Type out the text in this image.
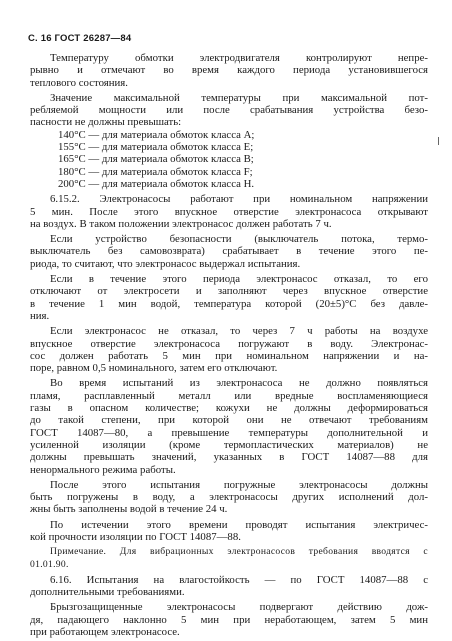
С. 16 ГОСТ 26287—84
Температуру обмотки электродвигателя контролируют непре-
рывно и отмечают во время каждого периода установившегося
теплового состояния.
Значение максимальной температуры при максимальной пот-
ребляемой мощности или после срабатывания устройства безо-
пасности не должны превышать:
140°С — для материала обмоток класса А;
155°С — для материала обмоток класса Е;
165°С — для материала обмоток класса В;
180°С — для материала обмоток класса F;
200°С — для материала обмоток класса Н.
6.15.2. Электронасосы работают при номинальном напряжении
5 мин. После этого впускное отверстие электронасоса открывают
на воздух. В таком положении электронасос должен работать 7 ч.
Если устройство безопасности (выключатель потока, термо-
выключатель без самовозврата) срабатывает в течение этого пе-
риода, то считают, что электронасос выдержал испытания.
Если в течение этого периода электронасос отказал, то его
отключают от электросети и заполняют через впускное отверстие
в течение 1 мин водой, температура которой (20±5)°С без давле-
ния.
Если электронасос не отказал, то через 7 ч работы на воздухе
впускное отверстие электронасоса погружают в воду. Электронас-
сос должен работать 5 мин при номинальном напряжении и на-
поре, равном 0,5 номинального, затем его отключают.
Во время испытаний из электронасоса не должно появляться
пламя, расплавленный металл или вредные воспламеняющиеся
газы в опасном количестве; кожухи не должны деформироваться
до такой степени, при которой они не отвечают требованиям
ГОСТ 14087—80, а превышение температуры дополнительной и
усиленной изоляции (кроме термопластических материалов) не
должны превышать значений, указанных в ГОСТ 14087—88 для
ненормального режима работы.
После этого испытания погружные электронасосы должны
быть погружены в воду, а электронасосы других исполнений дол-
жны быть заполнены водой в течение 24 ч.
По истечении этого времени проводят испытания электричес-
кой прочности изоляции по ГОСТ 14087—88.
Примечание. Для вибрационных электронасосов требования вводятся с
01.01.90.
6.16. Испытания на влагостойкость — по ГОСТ 14087—88 с
дополнительными требованиями.
Брызгозащищенные электронасосы подвергают действию дож-
дя, падающего наклонно 5 мин при неработающем, затем 5 мин
при работающем электронасосе.
